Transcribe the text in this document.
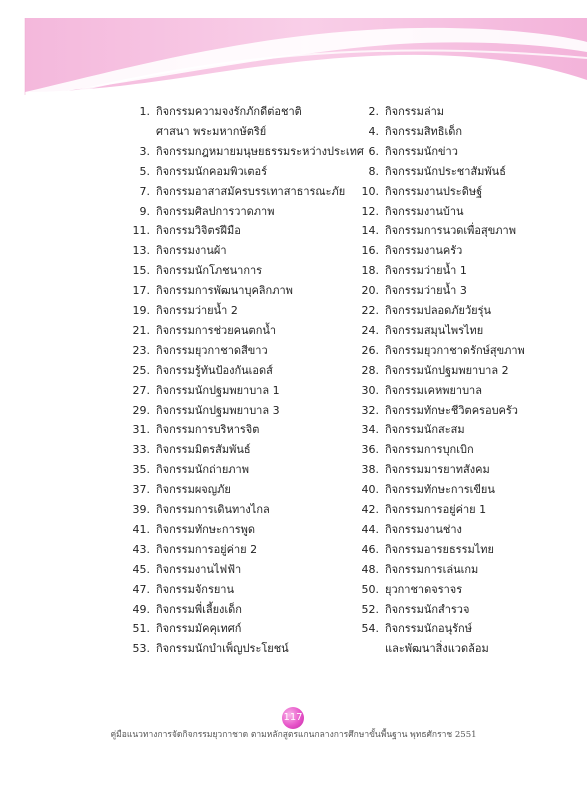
1. กิจกรรมความจงรักภักดีต่อชาติ
ศาสนา พระมหากษัตริย์
3. กิจกรรมกฎหมายมนุษยธรรมระหว่างประเทศ
5. กิจกรรมนักคอมพิวเตอร์
7. กิจกรรมอาสาสมัครบรรเทาสาธารณะภัย
9. กิจกรรมศิลปการวาดภาพ
11. กิจกรรมวิจิตรฝีมือ
13. กิจกรรมงานผ้า
15. กิจกรรมนักโภชนาการ
17. กิจกรรมการพัฒนาบุคลิกภาพ
19. กิจกรรมว่ายน้ำ 2
21. กิจกรรมการช่วยคนตกน้ำ
23. กิจกรรมยุวกาชาดสีขาว
25. กิจกรรมรู้ทันป้องกันเอดส์
27. กิจกรรมนักปฐมพยาบาล 1
29. กิจกรรมนักปฐมพยาบาล 3
31. กิจกรรมการบริหารจิต
33. กิจกรรมมิตรสัมพันธ์
35. กิจกรรมนักถ่ายภาพ
37. กิจกรรมผจญภัย
39. กิจกรรมการเดินทางไกล
41. กิจกรรมทักษะการพูด
43. กิจกรรมการอยู่ค่าย 2
45. กิจกรรมงานไฟฟ้า
47. กิจกรรมจักรยาน
49. กิจกรรมพี่เลี้ยงเด็ก
51. กิจกรรมมัคคุเทศก์
53. กิจกรรมนักบำเพ็ญประโยชน์
2. กิจกรรมล่าม
4. กิจกรรมสิทธิเด็ก
6. กิจกรรมนักข่าว
8. กิจกรรมนักประชาสัมพันธ์
10. กิจกรรมงานประดิษฐ์
12. กิจกรรมงานบ้าน
14. กิจกรรมการนวดเพื่อสุขภาพ
16. กิจกรรมงานครัว
18. กิจกรรมว่ายน้ำ 1
20. กิจกรรมว่ายน้ำ 3
22. กิจกรรมปลอดภัยวัยรุ่น
24. กิจกรรมสมุนไพรไทย
26. กิจกรรมยุวกาชาดรักษ์สุขภาพ
28. กิจกรรมนักปฐมพยาบาล 2
30. กิจกรรมเคหพยาบาล
32. กิจกรรมทักษะชีวิตครอบครัว
34. กิจกรรมนักสะสม
36. กิจกรรมการบุกเบิก
38. กิจกรรมมารยาทสังคม
40. กิจกรรมทักษะการเขียน
42. กิจกรรมการอยู่ค่าย 1
44. กิจกรรมงานช่าง
46. กิจกรรมอารยธรรมไทย
48. กิจกรรมการเล่นเกม
50. ยุวกาชาดจราจร
52. กิจกรรมนักสำรวจ
54. กิจกรรมนักอนุรักษ์
และพัฒนาสิ่งแวดล้อม
117
คู่มือแนวทางการจัดกิจกรรมยุวกาชาด ตามหลักสูตรแกนกลางการศึกษาขั้นพื้นฐาน พุทธศักราช 2551
